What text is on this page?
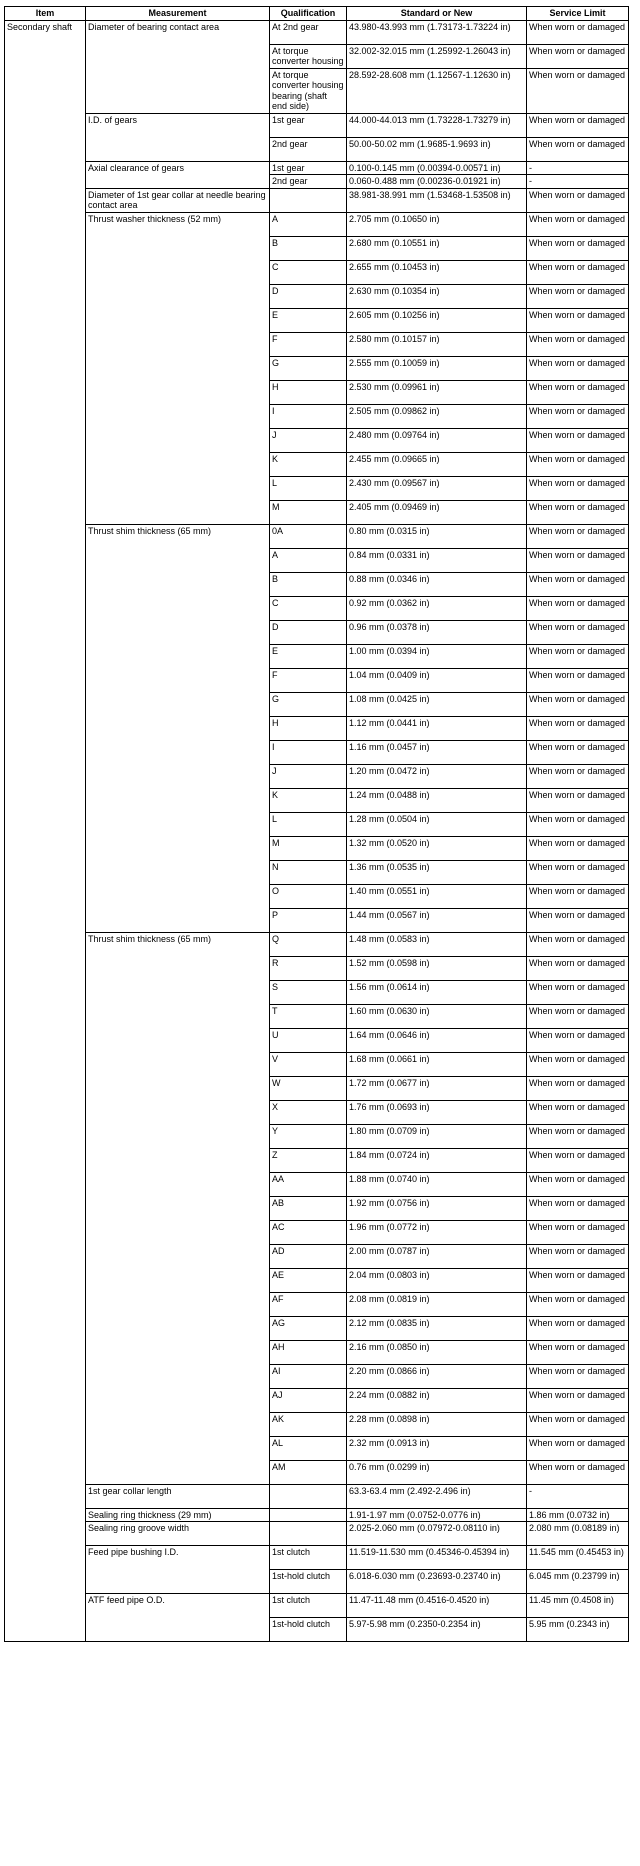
Item	Measurement	Qualification	Standard or New	Service Limit
Secondary shaft	Diameter of bearing contact area	At 2nd gear	43.980-43.993 mm (1.73173-1.73224 in)	When worn or damaged
		At torque converter housing	32.002-32.015 mm (1.25992-1.26043 in)	When worn or damaged
		At torque converter housing bearing (shaft end side)	28.592-28.608 mm (1.12567-1.12630 in)	When worn or damaged
	I.D. of gears	1st gear	44.000-44.013 mm (1.73228-1.73279 in)	When worn or damaged
		2nd gear	50.00-50.02 mm (1.9685-1.9693 in)	When worn or damaged
	Axial clearance of gears	1st gear	0.100-0.145 mm (0.00394-0.00571 in)	-
		2nd gear	0.060-0.488 mm (0.00236-0.01921 in)	-
	Diameter of 1st gear collar at needle bearing contact area		38.981-38.991 mm (1.53468-1.53508 in)	When worn or damaged
	Thrust washer thickness (52 mm)	A	2.705 mm (0.10650 in)	When worn or damaged
		B	2.680 mm (0.10551 in)	When worn or damaged
		C	2.655 mm (0.10453 in)	When worn or damaged
		D	2.630 mm (0.10354 in)	When worn or damaged
		E	2.605 mm (0.10256 in)	When worn or damaged
		F	2.580 mm (0.10157 in)	When worn or damaged
		G	2.555 mm (0.10059 in)	When worn or damaged
		H	2.530 mm (0.09961 in)	When worn or damaged
		I	2.505 mm (0.09862 in)	When worn or damaged
		J	2.480 mm (0.09764 in)	When worn or damaged
		K	2.455 mm (0.09665 in)	When worn or damaged
		L	2.430 mm (0.09567 in)	When worn or damaged
		M	2.405 mm (0.09469 in)	When worn or damaged
	Thrust shim thickness (65 mm)	0A	0.80 mm (0.0315 in)	When worn or damaged
		A	0.84 mm (0.0331 in)	When worn or damaged
		B	0.88 mm (0.0346 in)	When worn or damaged
		C	0.92 mm (0.0362 in)	When worn or damaged
		D	0.96 mm (0.0378 in)	When worn or damaged
		E	1.00 mm (0.0394 in)	When worn or damaged
		F	1.04 mm (0.0409 in)	When worn or damaged
		G	1.08 mm (0.0425 in)	When worn or damaged
		H	1.12 mm (0.0441 in)	When worn or damaged
		I	1.16 mm (0.0457 in)	When worn or damaged
		J	1.20 mm (0.0472 in)	When worn or damaged
		K	1.24 mm (0.0488 in)	When worn or damaged
		L	1.28 mm (0.0504 in)	When worn or damaged
		M	1.32 mm (0.0520 in)	When worn or damaged
		N	1.36 mm (0.0535 in)	When worn or damaged
		O	1.40 mm (0.0551 in)	When worn or damaged
		P	1.44 mm (0.0567 in)	When worn or damaged
	Thrust shim thickness (65 mm)	Q	1.48 mm (0.0583 in)	When worn or damaged
		R	1.52 mm (0.0598 in)	When worn or damaged
		S	1.56 mm (0.0614 in)	When worn or damaged
		T	1.60 mm (0.0630 in)	When worn or damaged
		U	1.64 mm (0.0646 in)	When worn or damaged
		V	1.68 mm (0.0661 in)	When worn or damaged
		W	1.72 mm (0.0677 in)	When worn or damaged
		X	1.76 mm (0.0693 in)	When worn or damaged
		Y	1.80 mm (0.0709 in)	When worn or damaged
		Z	1.84 mm (0.0724 in)	When worn or damaged
		AA	1.88 mm (0.0740 in)	When worn or damaged
		AB	1.92 mm (0.0756 in)	When worn or damaged
		AC	1.96 mm (0.0772 in)	When worn or damaged
		AD	2.00 mm (0.0787 in)	When worn or damaged
		AE	2.04 mm (0.0803 in)	When worn or damaged
		AF	2.08 mm (0.0819 in)	When worn or damaged
		AG	2.12 mm (0.0835 in)	When worn or damaged
		AH	2.16 mm (0.0850 in)	When worn or damaged
		AI	2.20 mm (0.0866 in)	When worn or damaged
		AJ	2.24 mm (0.0882 in)	When worn or damaged
		AK	2.28 mm (0.0898 in)	When worn or damaged
		AL	2.32 mm (0.0913 in)	When worn or damaged
		AM	0.76 mm (0.0299 in)	When worn or damaged
	1st gear collar length		63.3-63.4 mm (2.492-2.496 in)	-
	Sealing ring thickness (29 mm)		1.91-1.97 mm (0.0752-0.0776 in)	1.86 mm (0.0732 in)
	Sealing ring groove width		2.025-2.060 mm (0.07972-0.08110 in)	2.080 mm (0.08189 in)
	Feed pipe bushing I.D.	1st clutch	11.519-11.530 mm (0.45346-0.45394 in)	11.545 mm (0.45453 in)
		1st-hold clutch	6.018-6.030 mm (0.23693-0.23740 in)	6.045 mm (0.23799 in)
	ATF feed pipe O.D.	1st clutch	11.47-11.48 mm (0.4516-0.4520 in)	11.45 mm (0.4508 in)
		1st-hold clutch	5.97-5.98 mm (0.2350-0.2354 in)	5.95 mm (0.2343 in)
